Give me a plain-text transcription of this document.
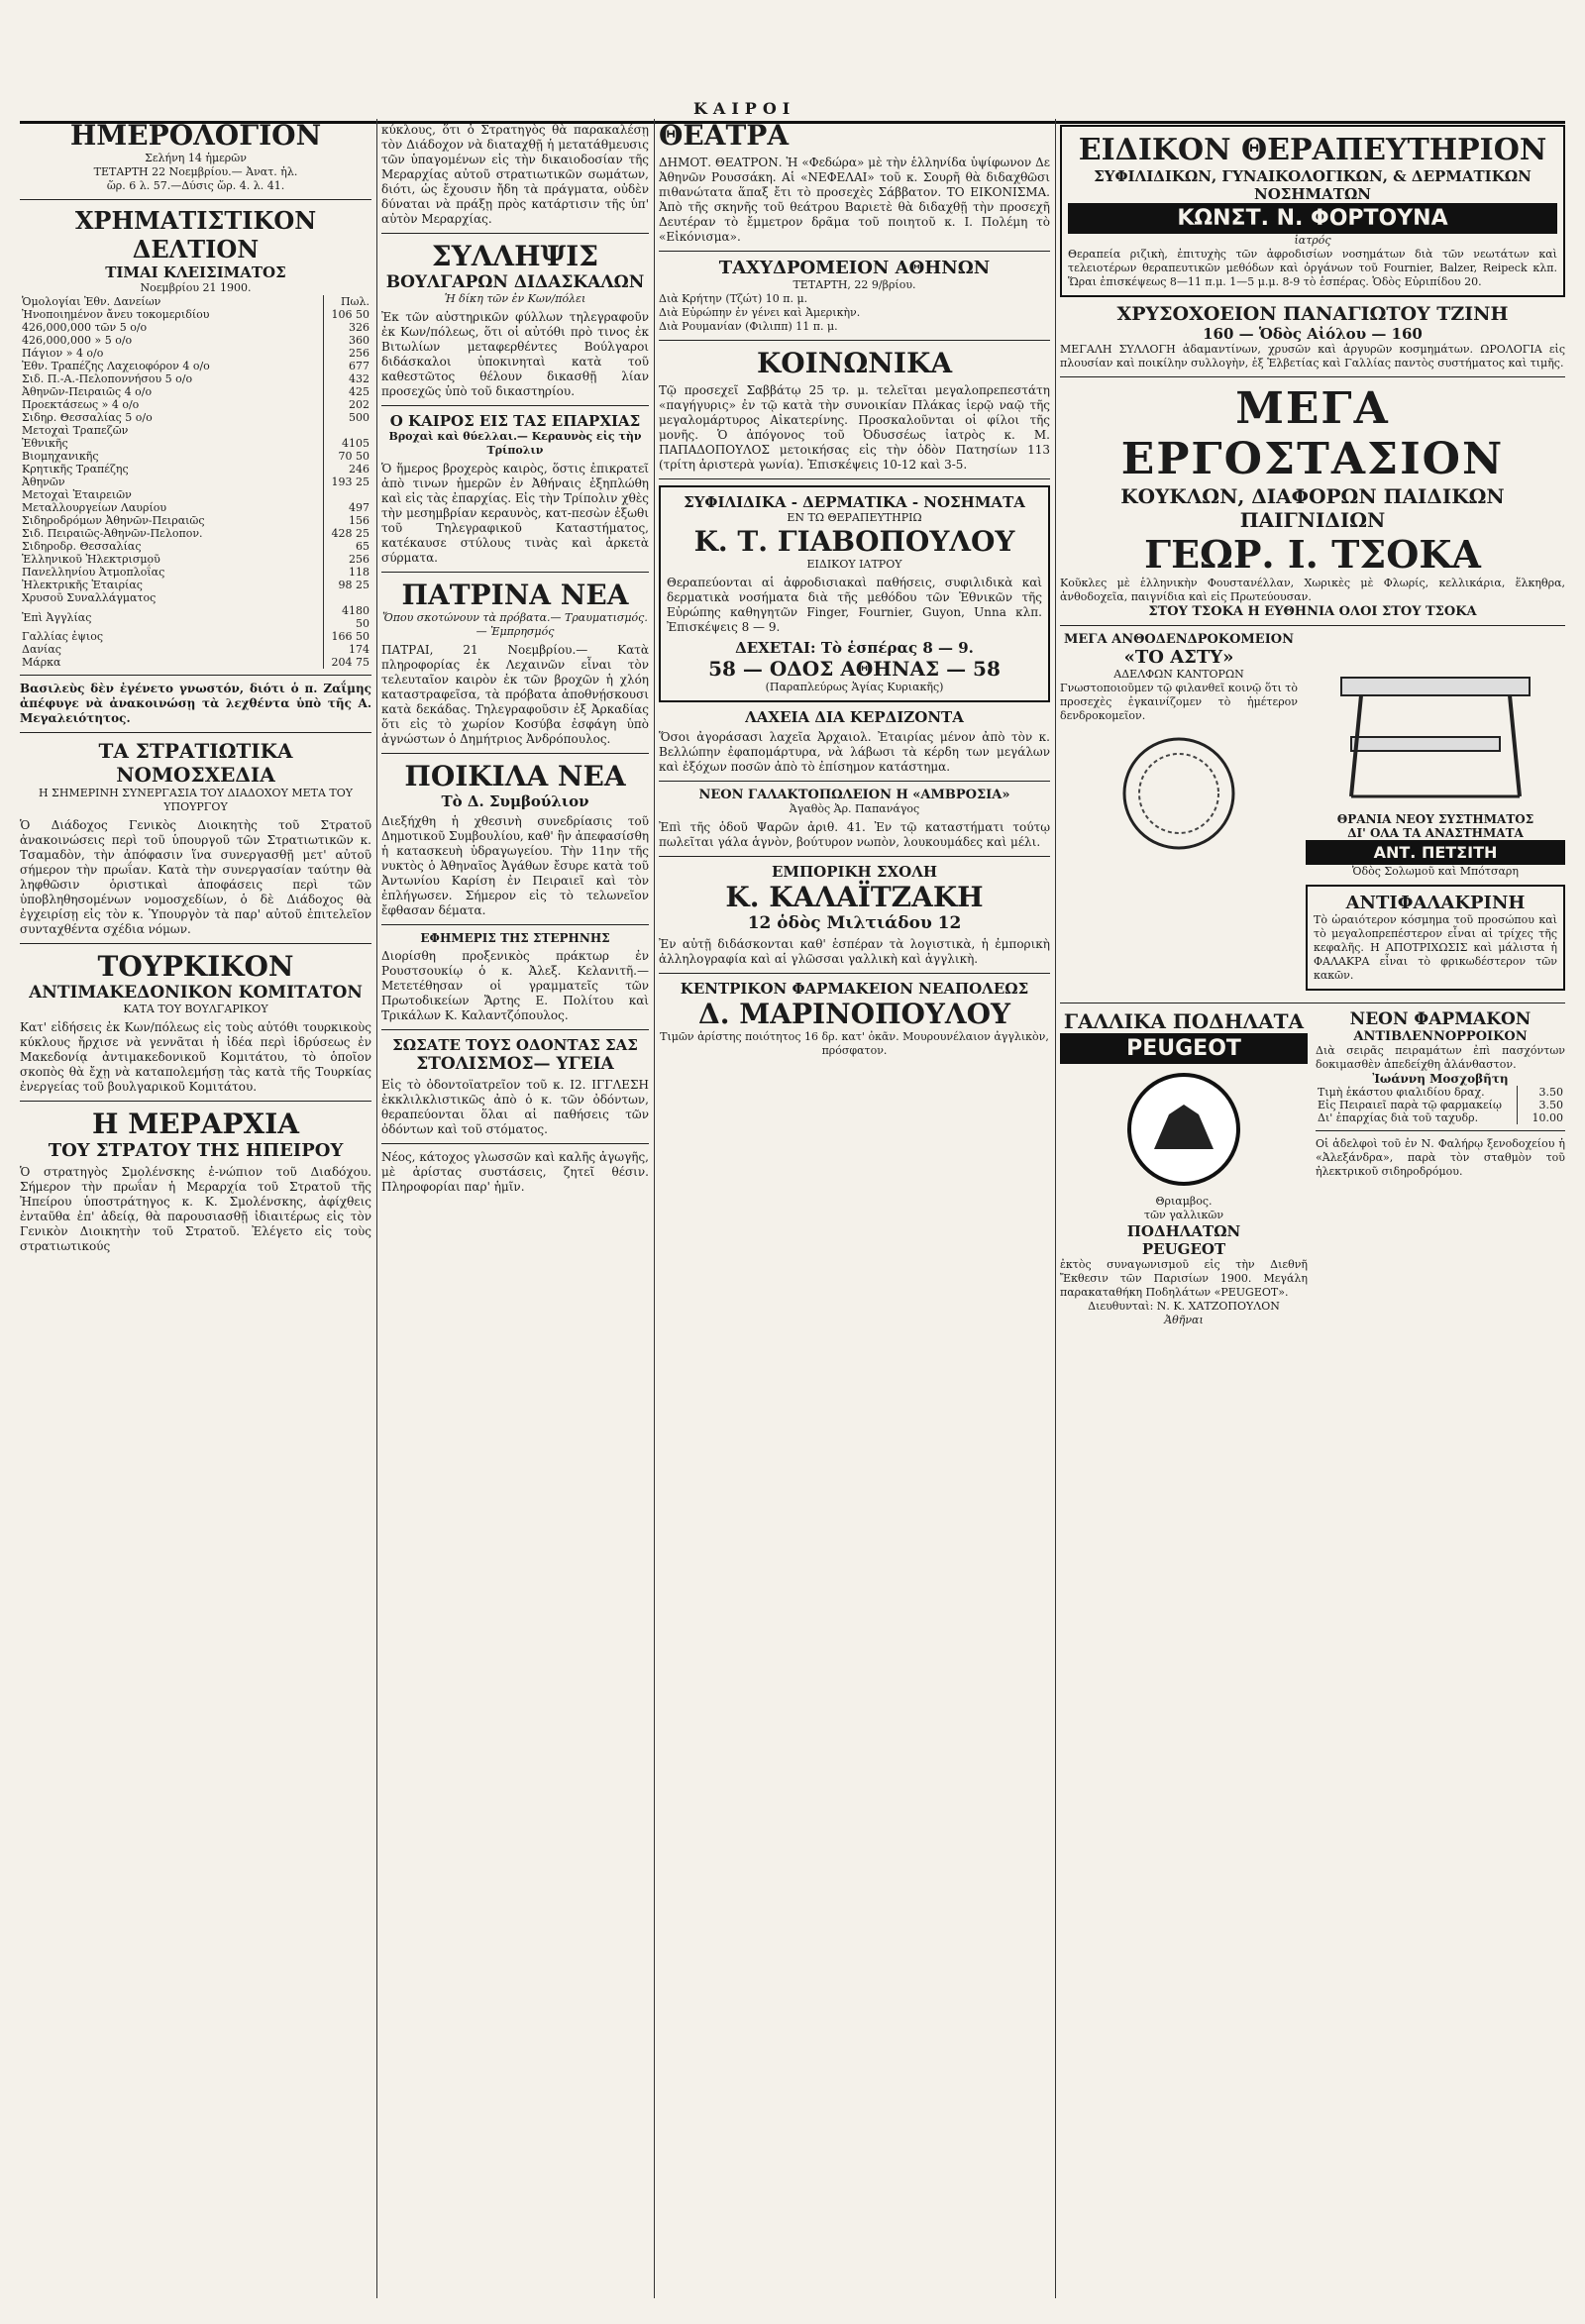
ΚΑΙΡΟΙ
ΗΜΕΡΟΛΟΓΙΟΝ
Σελήνη 14 ἡμερῶν
ΤΕΤΑΡΤΗ 22 Νοεμβρίου.— Ἀνατ. ἡλ.
ὥρ. 6 λ. 57.—Δύσις ὥρ. 4. λ. 41.
ΧΡΗΜΑΤΙΣΤΙΚΟΝ ΔΕΛΤΙΟΝ
ΤΙΜΑΙ ΚΛΕΙΣΙΜΑΤΟΣ
Νοεμβρίου 21 1900.
Ὁμολογίαι Ἐθν. Δανείων	Πωλ.
Ἠνοποιημένον ἄνευ τοκομεριδίου	106 50
426,000,000 τῶν 5 ο/ο	326
426,000,000 » 5 ο/ο	360
Πάγιον » 4 ο/ο	256
Ἐθν. Τραπέζης Λαχειοφόρον 4 ο/ο	677
Σιδ. Π.-Α.-Πελοποννήσου 5 ο/ο	432
Ἀθηνῶν-Πειραιῶς 4 ο/ο	425
Προεκτάσεως » 4 ο/ο	202
Σιδηρ. Θεσσαλίας 5 ο/ο	500
Μετοχαὶ Τραπεζῶν	
Ἐθνικῆς	4105
Βιομηχανικῆς	70 50
Κρητικῆς Τραπέζης	246
Ἀθηνῶν	193 25
Μετοχαὶ Ἑταιρειῶν	
Μεταλλουργείων Λαυρίου	497
Σιδηροδρόμων Ἀθηνῶν-Πειραιῶς	156
Σιδ. Πειραιῶς-Ἀθηνῶν-Πελοπον.	428 25
Σιδηροδρ. Θεσσαλίας	65
Ἑλληνικοῦ Ἠλεκτρισμοῦ	256
Πανελληνίου Ἀτμοπλοΐας	118
Ἠλεκτρικῆς Ἑταιρίας	98 25
Χρυσοῦ Συναλλάγματος	
Ἐπὶ Ἀγγλίας	4180 50
Γαλλίας ἐψιος	166 50
Δανίας	174
Μάρκα	204 75
Βασιλεὺς δὲν ἐγένετο γνωστόν, διότι ὁ π. Ζαΐμης ἀπέφυγε νὰ ἀνακοινώσῃ τὰ λεχθέντα ὑπὸ τῆς Α. Μεγαλειότητος.
ΤΑ ΣΤΡΑΤΙΩΤΙΚΑ ΝΟΜΟΣΧΕΔΙΑ
Η ΣΗΜΕΡΙΝΗ ΣΥΝΕΡΓΑΣΙΑ ΤΟΥ ΔΙΑΔΟΧΟΥ ΜΕΤΑ ΤΟΥ ΥΠΟΥΡΓΟΥ
Ὁ Διάδοχος Γενικὸς Διοικητὴς τοῦ Στρατοῦ ἀνακοινώσεις περὶ τοῦ ὑπουργοῦ τῶν Στρατιωτικῶν κ. Τσαμαδὸν, τὴν ἀπόφασιν ἵνα συνεργασθῇ μετ' αὐτοῦ σήμερον τὴν πρωΐαν. Κατὰ τὴν συνεργασίαν ταύτην θὰ ληφθῶσιν ὁριστικαὶ ἀποφάσεις περὶ τῶν ὑποβληθησομένων νομοσχεδίων, ὁ δὲ Διάδοχος θὰ ἐγχειρίσῃ εἰς τὸν κ. Ὑπουργὸν τὰ παρ' αὐτοῦ ἐπιτελεῖον συνταχθέντα σχέδια νόμων.
ΤΟΥΡΚΙΚΟΝ
ΑΝΤΙΜΑΚΕΔΟΝΙΚΟΝ ΚΟΜΙΤΑΤΟΝ
ΚΑΤΑ ΤΟΥ ΒΟΥΛΓΑΡΙΚΟΥ
Κατ' εἰδήσεις ἐκ Κων/πόλεως εἰς τοὺς αὐτόθι τουρκικοὺς κύκλους ἤρχισε νὰ γεννᾶται ἡ ἰδέα περὶ ἱδρύσεως ἐν Μακεδονίᾳ ἀντιμακεδονικοῦ Κομιτάτου, τὸ ὁποῖον σκοπὸς θὰ ἔχῃ νὰ καταπολεμήσῃ τὰς κατὰ τῆς Τουρκίας ἐνεργείας τοῦ βουλγαρικοῦ Κομιτάτου.
Η ΜΕΡΑΡΧΙΑ
ΤΟΥ ΣΤΡΑΤΟΥ ΤΗΣ ΗΠΕΙΡΟΥ
Ὁ στρατηγὸς Σμολένσκης ἐ-νώπιον τοῦ Διαδόχου. Σήμερον τὴν πρωΐαν ἡ Μεραρχία τοῦ Στρατοῦ τῆς Ἠπείρου ὑποστράτηγος κ. Κ. Σμολένσκης, ἀφίχθεις ἐνταῦθα ἐπ' ἀδείᾳ, θὰ παρουσιασθῇ ἰδιαιτέρως εἰς τὸν Γενικὸν Διοικητὴν τοῦ Στρατοῦ. Ἐλέγετο εἰς τοὺς στρατιωτικούς
κύκλους, ὅτι ὁ Στρατηγὸς θὰ παρακαλέσῃ τὸν Διάδοχον νὰ διαταχθῇ ἡ μετατάθμευσις τῶν ὑπαγομένων εἰς τὴν δικαιοδοσίαν τῆς Μεραρχίας αὐτοῦ στρατιωτικῶν σωμάτων, διότι, ὡς ἔχουσιν ἤδη τὰ πράγματα, οὐδὲν δύναται νὰ πράξῃ πρὸς κατάρτισιν τῆς ὑπ' αὐτὸν Μεραρχίας.
ΣΥΛΛΗΨΙΣ
ΒΟΥΛΓΑΡΩΝ ΔΙΔΑΣΚΑΛΩΝ
Ἡ δίκη τῶν ἐν Κων/πόλει
Ἐκ τῶν αὐστηρικῶν φύλλων τηλεγραφοῦν ἐκ Κων/πόλεως, ὅτι οἱ αὐτόθι πρὸ τινος ἐκ Βιτωλίων μεταφερθέντες Βούλγαροι διδάσκαλοι ὑποκινηταὶ κατὰ τοῦ καθεστῶτος θέλουν δικασθῇ λίαν προσεχῶς ὑπὸ τοῦ δικαστηρίου.
Ο ΚΑΙΡΟΣ ΕΙΣ ΤΑΣ ΕΠΑΡΧΙΑΣ
Βροχαὶ καὶ θύελλαι.— Κεραυνὸς εἰς τὴν Τρίπολιν
Ὁ ἥμερος βροχερὸς καιρὸς, ὅστις ἐπικρατεῖ ἀπὸ τινων ἡμερῶν ἐν Ἀθήναις ἐξηπλώθη καὶ εἰς τὰς ἐπαρχίας. Εἰς τὴν Τρίπολιν χθὲς τὴν μεσημβρίαν κεραυνὸς, κατ-πεσὼν ἐξωθι τοῦ Τηλεγραφικοῦ Καταστήματος, κατέκαυσε στύλους τινὰς καὶ ἀρκετὰ σύρματα.
ΠΑΤΡΙΝΑ ΝΕΑ
Ὅπου σκοτώνουν τὰ πρόβατα.— Τραυματισμός.— Ἐμπρησμός
ΠΑΤΡΑΙ, 21 Νοεμβρίου.— Κατὰ πληροφορίας ἐκ Λεχαινῶν εἶναι τὸν τελευταῖον καιρὸν ἐκ τῶν βροχῶν ἡ χλόη καταστραφεῖσα, τὰ πρόβατα ἀποθνῄσκουσι κατὰ δεκάδας. Τηλεγραφοῦσιν ἐξ Ἀρκαδίας ὅτι εἰς τὸ χωρίον Κοσύβα ἐσφάγη ὑπὸ ἀγνώστων ὁ Δημήτριος Ἀνδρόπουλος.
ΠΟΙΚΙΛΑ ΝΕΑ
Τὸ Δ. Συμβούλιον
Διεξήχθη ἡ χθεσινὴ συνεδρίασις τοῦ Δημοτικοῦ Συμβουλίου, καθ' ἣν ἀπεφασίσθη ἡ κατασκευὴ ὑδραγωγείου. Τὴν 11ην τῆς νυκτὸς ὁ Ἀθηναῖος Ἀγάθων ἔσυρε κατὰ τοῦ Ἀντωνίου Καρίση ἐν Πειραιεῖ καὶ τὸν ἐπλήγωσεν. Σήμερον εἰς τὸ τελωνεῖον ἔφθασαν δέματα.
ΕΦΗΜΕΡΙΣ ΤΗΣ ΣΤΕΡΗΝΗΣ
Διορίσθη προξενικὸς πράκτωρ ἐν Ρουστσουκίῳ ὁ κ. Ἀλεξ. Κελανιτῆ.— Μετετέθησαν οἱ γραμματεῖς τῶν Πρωτοδικείων Ἄρτης Ε. Πολίτου καὶ Τρικάλων Κ. Καλαντζόπουλος.
ΣΩΣΑΤΕ ΤΟΥΣ ΟΔΟΝΤΑΣ ΣΑΣ
ΣΤΟΛΙΣΜΟΣ— ΥΓΕΙΑ
Εἰς τὸ ὀδοντοϊατρεῖον τοῦ κ. Ι2. ΙΓΓΛΕΣΗ ἐκκλιλκλιστικῶς ἀπὸ ὁ κ. τῶν ὀδόντων, θεραπεύονται ὅλαι αἱ παθήσεις τῶν ὀδόντων καὶ τοῦ στόματος.
Νέος, κάτοχος γλωσσῶν καὶ καλῆς ἀγωγῆς, μὲ ἀρίστας συστάσεις, ζητεῖ θέσιν. Πληροφορίαι παρ' ἡμῖν.
ΘΕΑΤΡΑ
ΔΗΜΟΤ. ΘΕΑΤΡΟΝ. Ἡ «Φεδώρα» μὲ τὴν ἑλληνίδα ὑψίφωνον Δε Ἀθηνῶν Ρουσσάκη. Αἱ «ΝΕΦΕΛΑΙ» τοῦ κ. Σουρῆ θὰ διδαχθῶσι πιθανώτατα ἅπαξ ἔτι τὸ προσεχὲς Σάββατον. ΤΟ ΕΙΚΟΝΙΣΜΑ. Ἀπὸ τῆς σκηνῆς τοῦ θεάτρου Βαριετὲ θὰ διδαχθῇ τὴν προσεχῆ Δευτέραν τὸ ἔμμετρον δρᾶμα τοῦ ποιητοῦ κ. Ι. Πολέμη τὸ «Εἰκόνισμα».
ΤΑΧΥΔΡΟΜΕΙΟΝ ΑΘΗΝΩΝ
ΤΕΤΑΡΤΗ, 22 9/βρίου.
Διὰ Κρήτην (Τζώτ) 10 π. μ.
Διὰ Εὐρώπην ἐν γένει καὶ Ἀμερικὴν.
Διὰ Ρουμανίαν (Φιλιππ) 11 π. μ.
ΚΟΙΝΩΝΙΚΑ
Τῷ προσεχεῖ Σαββάτῳ 25 τρ. μ. τελεῖται μεγαλοπρεπεστάτη «παγήγυρις» ἐν τῷ κατὰ τὴν συνοικίαν Πλάκας ἱερῷ ναῷ τῆς μεγαλομάρτυρος Αἰκατερίνης. Προσκαλοῦνται οἱ φίλοι τῆς μονῆς. Ὁ ἀπόγονος τοῦ Ὀδυσσέως ἰατρὸς κ. Μ. ΠΑΠΑΔΟΠΟΥΛΟΣ μετοικήσας εἰς τὴν ὁδὸν Πατησίων 113 (τρίτη ἀριστερὰ γωνία). Ἐπισκέψεις 10-12 καὶ 3-5.
ΣΥΦΙΛΙΔΙΚΑ - ΔΕΡΜΑΤΙΚΑ - ΝΟΣΗΜΑΤΑ
ΕΝ ΤΩ ΘΕΡΑΠΕΥΤΗΡΙΩ
Κ. Τ. ΓΙΑΒΟΠΟΥΛΟΥ
ΕΙΔΙΚΟΥ ΙΑΤΡΟΥ
Θεραπεύονται αἱ ἀφροδισιακαὶ παθήσεις, συφιλιδικὰ καὶ δερματικὰ νοσήματα διὰ τῆς μεθόδου τῶν Ἑθνικῶν τῆς Εὐρώπης καθηγητῶν Finger, Fournier, Guyon, Unna κλπ. Ἐπισκέψεις 8 — 9.
ΔΕΧΕΤΑΙ: Τὸ ἑσπέρας 8 — 9.
58 — ΟΔΟΣ ΑΘΗΝΑΣ — 58
(Παραπλεύρως Ἁγίας Κυριακῆς)
ΛΑΧΕΙΑ ΔΙΑ ΚΕΡΔΙΖΟΝΤΑ
Ὅσοι ἀγοράσασι λαχεῖα Ἀρχαιολ. Ἐταιρίας μένον ἀπὸ τὸν κ. Βελλώπην ἐφαπομάρτυρα, νὰ λάβωσι τὰ κέρδη των μεγάλων καὶ ἐξόχων ποσῶν ἀπὸ τὸ ἐπίσημον κατάστημα.
ΝΕΟΝ ΓΑΛΑΚΤΟΠΩΛΕΙΟΝ Η «ΑΜΒΡΟΣΙΑ»
Ἀγαθὸς Ἀρ. Παπανάγος
Ἐπὶ τῆς ὁδοῦ Ψαρῶν ἀριθ. 41. Ἐν τῷ καταστήματι τούτῳ πωλεῖται γάλα ἁγνὸν, βούτυρον νωπὸν, λουκουμάδες καὶ μέλι.
ΕΜΠΟΡΙΚΗ ΣΧΟΛΗ
Κ. ΚΑΛΑΪΤΖΑΚΗ
12 ὁδὸς Μιλτιάδου 12
Ἐν αὐτῇ διδάσκονται καθ' ἑσπέραν τὰ λογιστικὰ, ἡ ἐμπορικὴ ἀλληλογραφία καὶ αἱ γλῶσσαι γαλλικὴ καὶ ἀγγλικὴ.
ΚΕΝΤΡΙΚΟΝ ΦΑΡΜΑΚΕΙΟΝ ΝΕΑΠΟΛΕΩΣ
Δ. ΜΑΡΙΝΟΠΟΥΛΟΥ
Τιμῶν ἀρίστης ποιότητος 16 δρ. κατ' ὀκᾶν. Μουρουνέλαιον ἀγγλικὸν, πρόσφατον.
ΕΙΔΙΚΟΝ ΘΕΡΑΠΕΥΤΗΡΙΟΝ
ΣΥΦΙΛΙΔΙΚΩΝ, ΓΥΝΑΙΚΟΛΟΓΙΚΩΝ, & ΔΕΡΜΑΤΙΚΩΝ ΝΟΣΗΜΑΤΩΝ
ΚΩΝΣΤ. Ν. ΦΟΡΤΟΥΝΑ
ἰατρός
Θεραπεία ριζικὴ, ἐπιτυχὴς τῶν ἀφροδισίων νοσημάτων διὰ τῶν νεωτάτων καὶ τελειοτέρων θεραπευτικῶν μεθόδων καὶ ὀργάνων τοῦ Fournier, Balzer, Reipeck κλπ. Ὥραι ἐπισκέψεως 8—11 π.μ. 1—5 μ.μ. 8-9 τὸ ἑσπέρας. Ὁδὸς Εὐριπίδου 20.
ΧΡΥΣΟΧΟΕΙΟΝ ΠΑΝΑΓΙΩΤΟΥ ΤΖΙΝΗ
160 — Ὁδὸς Αἰόλου — 160
ΜΕΓΑΛΗ ΣΥΛΛΟΓΗ ἀδαμαντίνων, χρυσῶν καὶ ἀργυρῶν κοσμημάτων. ΩΡΟΛΟΓΙΑ εἰς πλουσίαν καὶ ποικίλην συλλογὴν, ἐξ Ἑλβετίας καὶ Γαλλίας παντὸς συστήματος καὶ τιμῆς.
ΜΕΓΑ ΕΡΓΟΣΤΑΣΙΟΝ
ΚΟΥΚΛΩΝ, ΔΙΑΦΟΡΩΝ ΠΑΙΔΙΚΩΝ ΠΑΙΓΝΙΔΙΩΝ
ΓΕΩΡ. Ι. ΤΣΟΚΑ
Κοῦκλες μὲ ἑλληνικὴν Φουστανέλλαν, Χωρικὲς μὲ Φλωρίς, κελλικάρια, ἕλκηθρα, ἀνθοδοχεῖα, παιγνίδια καὶ εἰς Πρωτεύουσαν.
ΣΤΟΥ ΤΣΟΚΑ Η ΕΥΘΗΝΙΑ ΟΛΟΙ ΣΤΟΥ ΤΣΟΚΑ
ΜΕΓΑ ΑΝΘΟΔΕΝΔΡΟΚΟΜΕΙΟΝ
«ΤΟ ΑΣΤΥ»
ΑΔΕΛΦΩΝ ΚΑΝΤΟΡΩΝ
Γνωστοποιοῦμεν τῷ φιλανθεῖ κοινῷ ὅτι τὸ προσεχὲς ἐγκαινίζομεν τὸ ἡμέτερον δενδροκομεῖον.
ΘΡΑΝΙΑ ΝΕΟΥ ΣΥΣΤΗΜΑΤΟΣ
ΔΙ' ΟΛΑ ΤΑ ΑΝΑΣΤΗΜΑΤΑ
ΑΝΤ. ΠΕΤΣΙΤΗ
Ὁδὸς Σολωμοῦ καὶ Μπότσαρη
ΑΝΤΙΦΑΛΑΚΡΙΝΗ
Τὸ ὡραιότερον κόσμημα τοῦ προσώπου καὶ τὸ μεγαλοπρεπέστερον εἶναι αἱ τρίχες τῆς κεφαλῆς. Η ΑΠΟΤΡΙΧΩΣΙΣ καὶ μάλιστα ἡ ΦΑΛΑΚΡΑ εἶναι τὸ φρικωδέστερον τῶν κακῶν.
ΓΑΛΛΙΚΑ ΠΟΔΗΛΑΤΑ
PEUGEOT
Θριαμβος.
τῶν γαλλικῶν
ΠΟΔΗΛΑΤΩΝ
PEUGEOT
ἐκτὸς συναγωνισμοῦ εἰς τὴν Διεθνῆ Ἔκθεσιν τῶν Παρισίων 1900. Μεγάλη παρακαταθήκη Ποδηλάτων «PEUGEOT».
Διευθυνταὶ: Ν. Κ. ΧΑΤΖΟΠΟΥΛΟΝ
Ἀθῆναι
ΝΕΟΝ ΦΑΡΜΑΚΟΝ
ΑΝΤΙΒΛΕΝΝΟΡΡΟΙΚΟΝ
Διὰ σειρᾶς πειραμάτων ἐπὶ πασχόντων δοκιμασθὲν ἀπεδείχθη ἀλάνθαστον.
Ἰωάννη Μοσχοβῆτη
Τιμὴ ἑκάστου φιαλιδίου δραχ.	3.50
Εἰς Πειραιεῖ παρὰ τῷ φαρμακείῳ	3.50
Δι' ἐπαρχίας διὰ τοῦ ταχυδρ.	10.00
Οἱ ἀδελφοὶ τοῦ ἐν Ν. Φαλήρῳ ξενοδοχείου ἡ «Ἀλεξάνδρα», παρὰ τὸν σταθμὸν τοῦ ἠλεκτρικοῦ σιδηροδρόμου.
